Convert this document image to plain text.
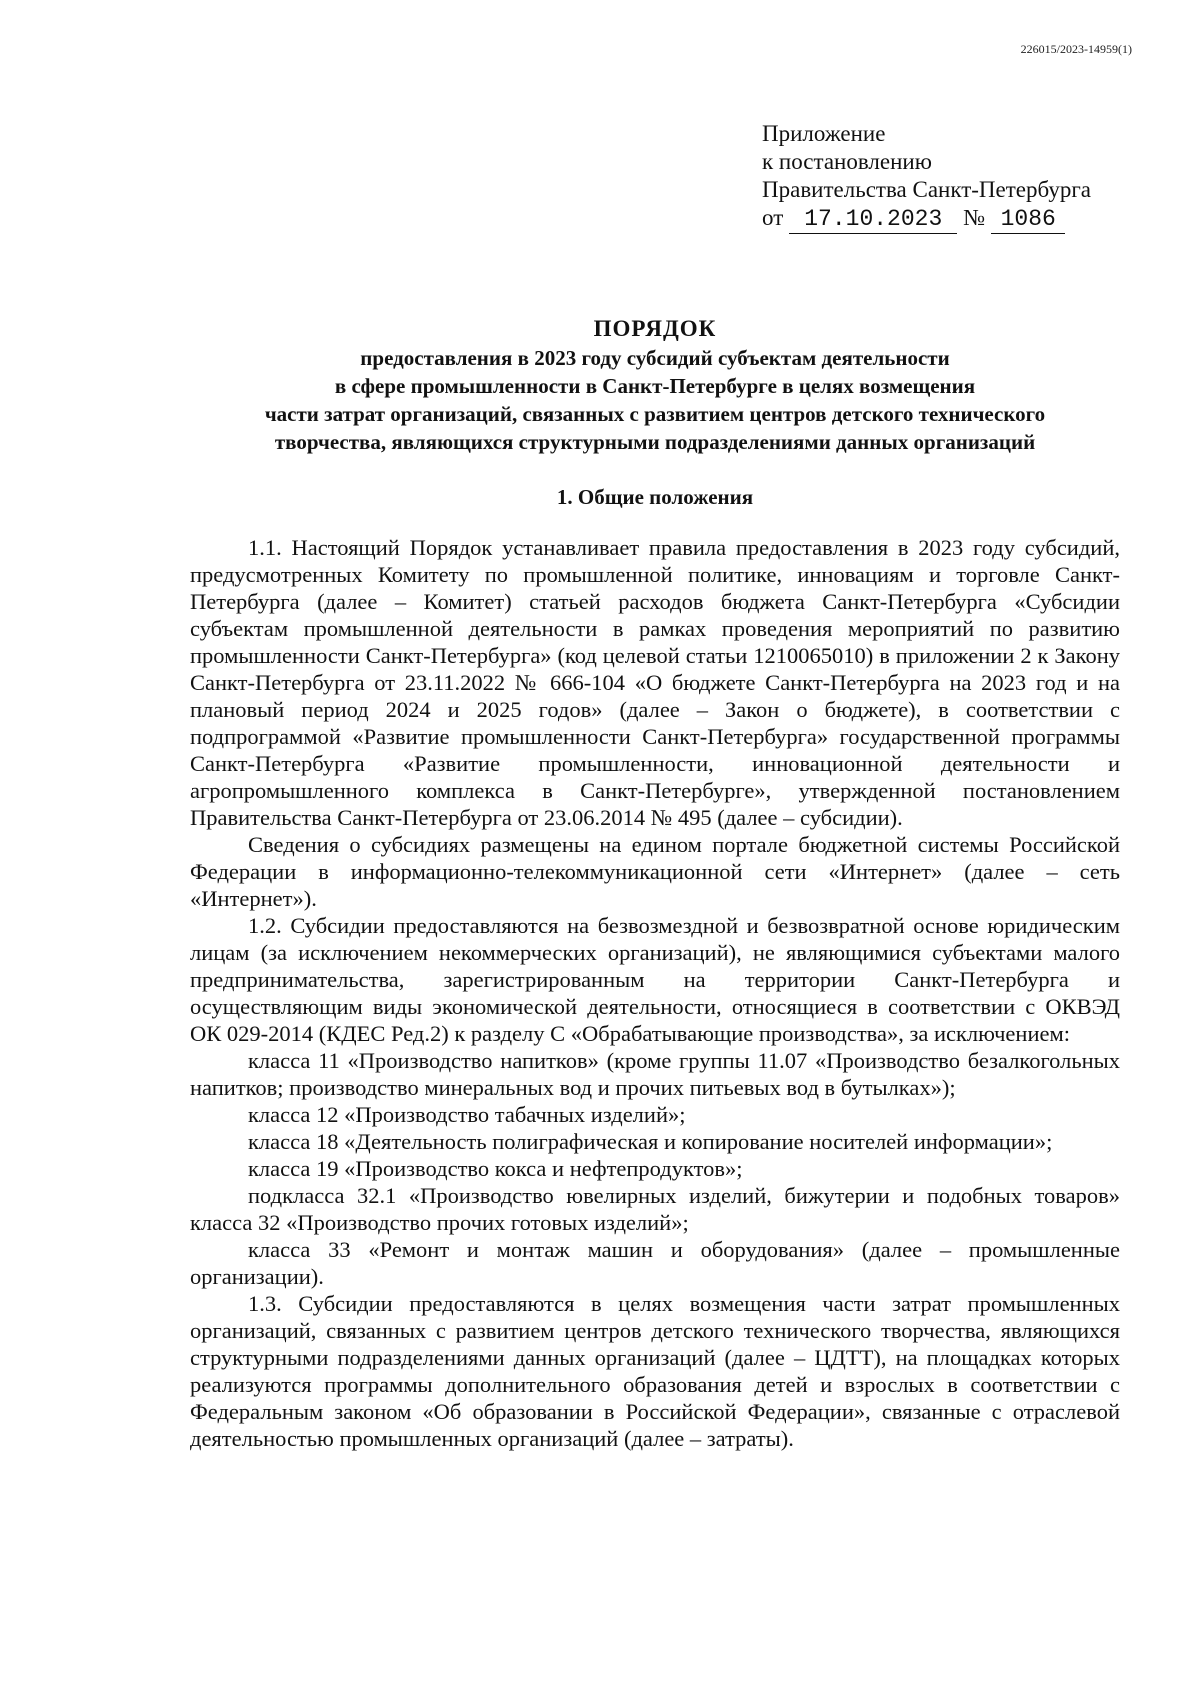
226015/2023-14959(1)
Приложение
к постановлению
Правительства Санкт-Петербурга
от 17.10.2023 № 1086
ПОРЯДОК
предоставления в 2023 году субсидий субъектам деятельности
в сфере промышленности в Санкт-Петербурге в целях возмещения
части затрат организаций, связанных с развитием центров детского технического
творчества, являющихся структурными подразделениями данных организаций
1. Общие положения

1.1. Настоящий Порядок устанавливает правила предоставления в 2023 году субсидий, предусмотренных Комитету по промышленной политике, инновациям и торговле Санкт-Петербурга (далее – Комитет) статьей расходов бюджета Санкт-Петербурга «Субсидии субъектам промышленной деятельности в рамках проведения мероприятий по развитию промышленности Санкт-Петербурга» (код целевой статьи 1210065010) в приложении 2 к Закону Санкт-Петербурга от 23.11.2022 № 666-104 «О бюджете Санкт-Петербурга на 2023 год и на плановый период 2024 и 2025 годов» (далее – Закон о бюджете), в соответствии с подпрограммой «Развитие промышленности Санкт-Петербурга» государственной программы Санкт-Петербурга «Развитие промышленности, инновационной деятельности и агропромышленного комплекса в Санкт-Петербурге», утвержденной постановлением Правительства Санкт-Петербурга от 23.06.2014 № 495 (далее – субсидии).

Сведения о субсидиях размещены на едином портале бюджетной системы Российской Федерации в информационно-телекоммуникационной сети «Интернет» (далее – сеть «Интернет»).

1.2. Субсидии предоставляются на безвозмездной и безвозвратной основе юридическим лицам (за исключением некоммерческих организаций), не являющимися субъектами малого предпринимательства, зарегистрированным на территории Санкт-Петербурга и осуществляющим виды экономической деятельности, относящиеся в соответствии с ОКВЭД ОК 029-2014 (КДЕС Ред.2) к разделу С «Обрабатывающие производства», за исключением:

класса 11 «Производство напитков» (кроме группы 11.07 «Производство безалкогольных напитков; производство минеральных вод и прочих питьевых вод в бутылках»);

класса 12 «Производство табачных изделий»;

класса 18 «Деятельность полиграфическая и копирование носителей информации»;

класса 19 «Производство кокса и нефтепродуктов»;

подкласса 32.1 «Производство ювелирных изделий, бижутерии и подобных товаров» класса 32 «Производство прочих готовых изделий»;

класса 33 «Ремонт и монтаж машин и оборудования» (далее – промышленные организации).

1.3. Субсидии предоставляются в целях возмещения части затрат промышленных организаций, связанных с развитием центров детского технического творчества, являющихся структурными подразделениями данных организаций (далее – ЦДТТ), на площадках которых реализуются программы дополнительного образования детей и взрослых в соответствии с Федеральным законом «Об образовании в Российской Федерации», связанные с отраслевой деятельностью промышленных организаций (далее – затраты).
